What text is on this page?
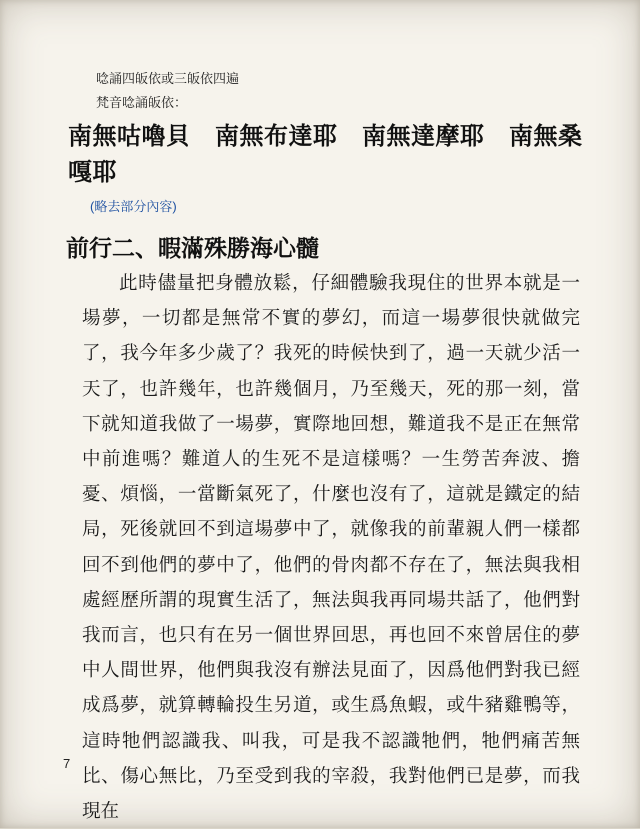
唸誦四皈依或三皈依四遍
梵音唸誦皈依：
南無咕嚕貝　南無布達耶　南無達摩耶　南無桑嘎耶
(略去部分內容)
前行二、暇滿殊勝海心髓

此時儘量把身體放鬆，仔細體驗我現住的世界本就是一場夢，一切都是無常不實的夢幻，而這一場夢很快就做完了，我今年多少歲了？我死的時候快到了，過一天就少活一天了，也許幾年，也許幾個月，乃至幾天，死的那一刻，當下就知道我做了一場夢，實際地回想，難道我不是正在無常中前進嗎？難道人的生死不是這樣嗎？一生勞苦奔波、擔憂、煩惱，一當斷氣死了，什麼也沒有了，這就是鐵定的結局，死後就回不到這場夢中了，就像我的前輩親人們一樣都回不到他們的夢中了，他們的骨肉都不存在了，無法與我相處經歷所謂的現實生活了，無法與我再同場共話了，他們對我而言，也只有在另一個世界回思，再也回不來曾居住的夢中人間世界，他們與我沒有辦法見面了，因爲他們對我已經成爲夢，就算轉輪投生另道，或生爲魚蝦，或牛豬雞鴨等，這時牠們認識我、叫我，可是我不認識牠們，牠們痛苦無比、傷心無比，乃至受到我的宰殺，我對他們已是夢，而我現在

7
